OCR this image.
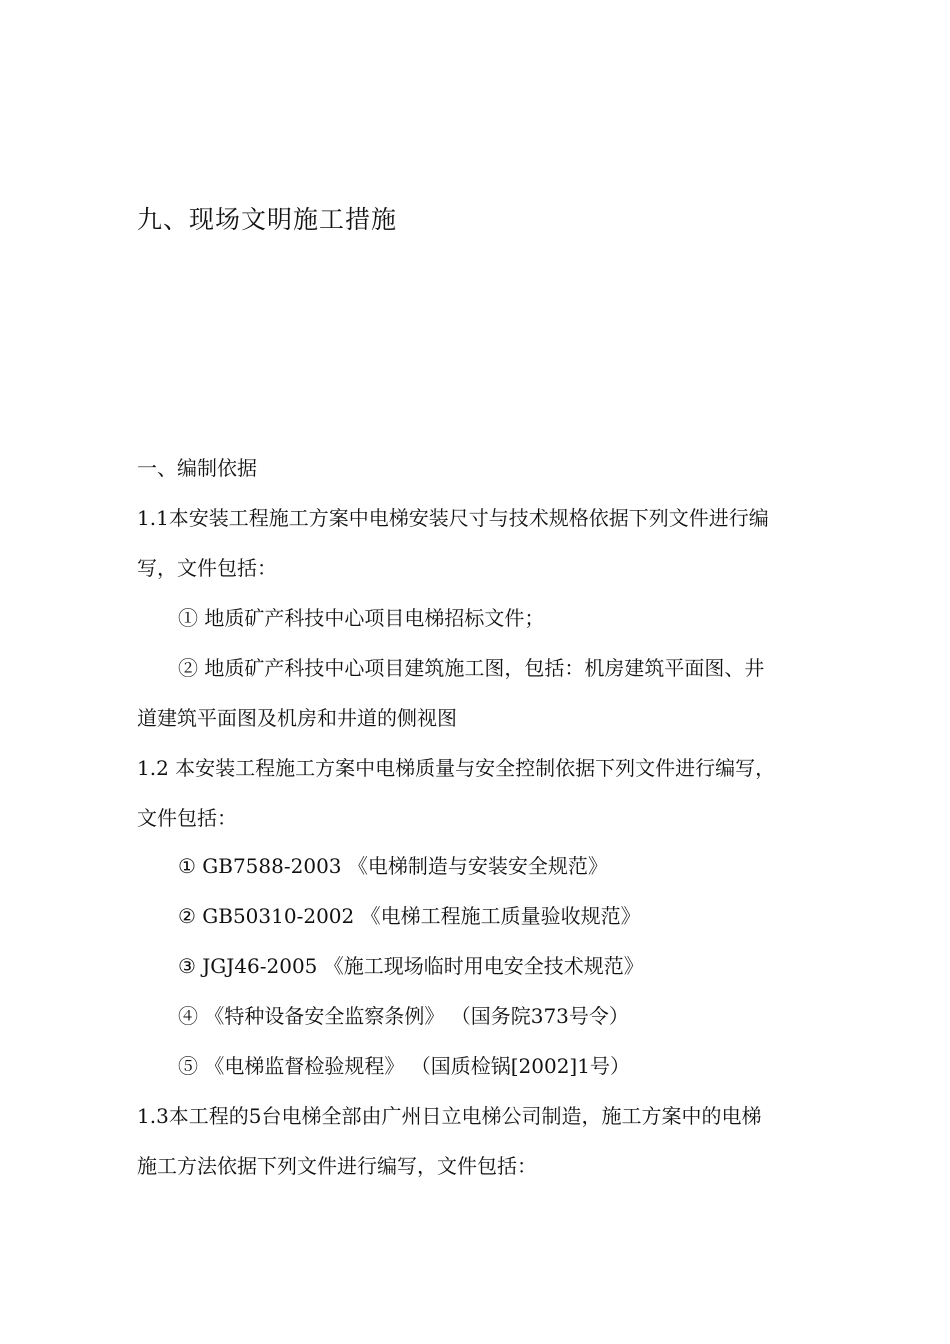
九、现场文明施工措施
一、编制依据
1.1本安装工程施工方案中电梯安装尺寸与技术规格依据下列文件进行编
写，文件包括：
① 地质矿产科技中心项目电梯招标文件；
② 地质矿产科技中心项目建筑施工图，包括：机房建筑平面图、井
道建筑平面图及机房和井道的侧视图
1.2 本安装工程施工方案中电梯质量与安全控制依据下列文件进行编写，
文件包括：
① GB7588-2003 《电梯制造与安装安全规范》
② GB50310-2002 《电梯工程施工质量验收规范》
③ JGJ46-2005 《施工现场临时用电安全技术规范》
④ 《特种设备安全监察条例》 （国务院373号令）
⑤ 《电梯监督检验规程》 （国质检锅[2002]1号）
1.3本工程的5台电梯全部由广州日立电梯公司制造，施工方案中的电梯
施工方法依据下列文件进行编写，文件包括：
